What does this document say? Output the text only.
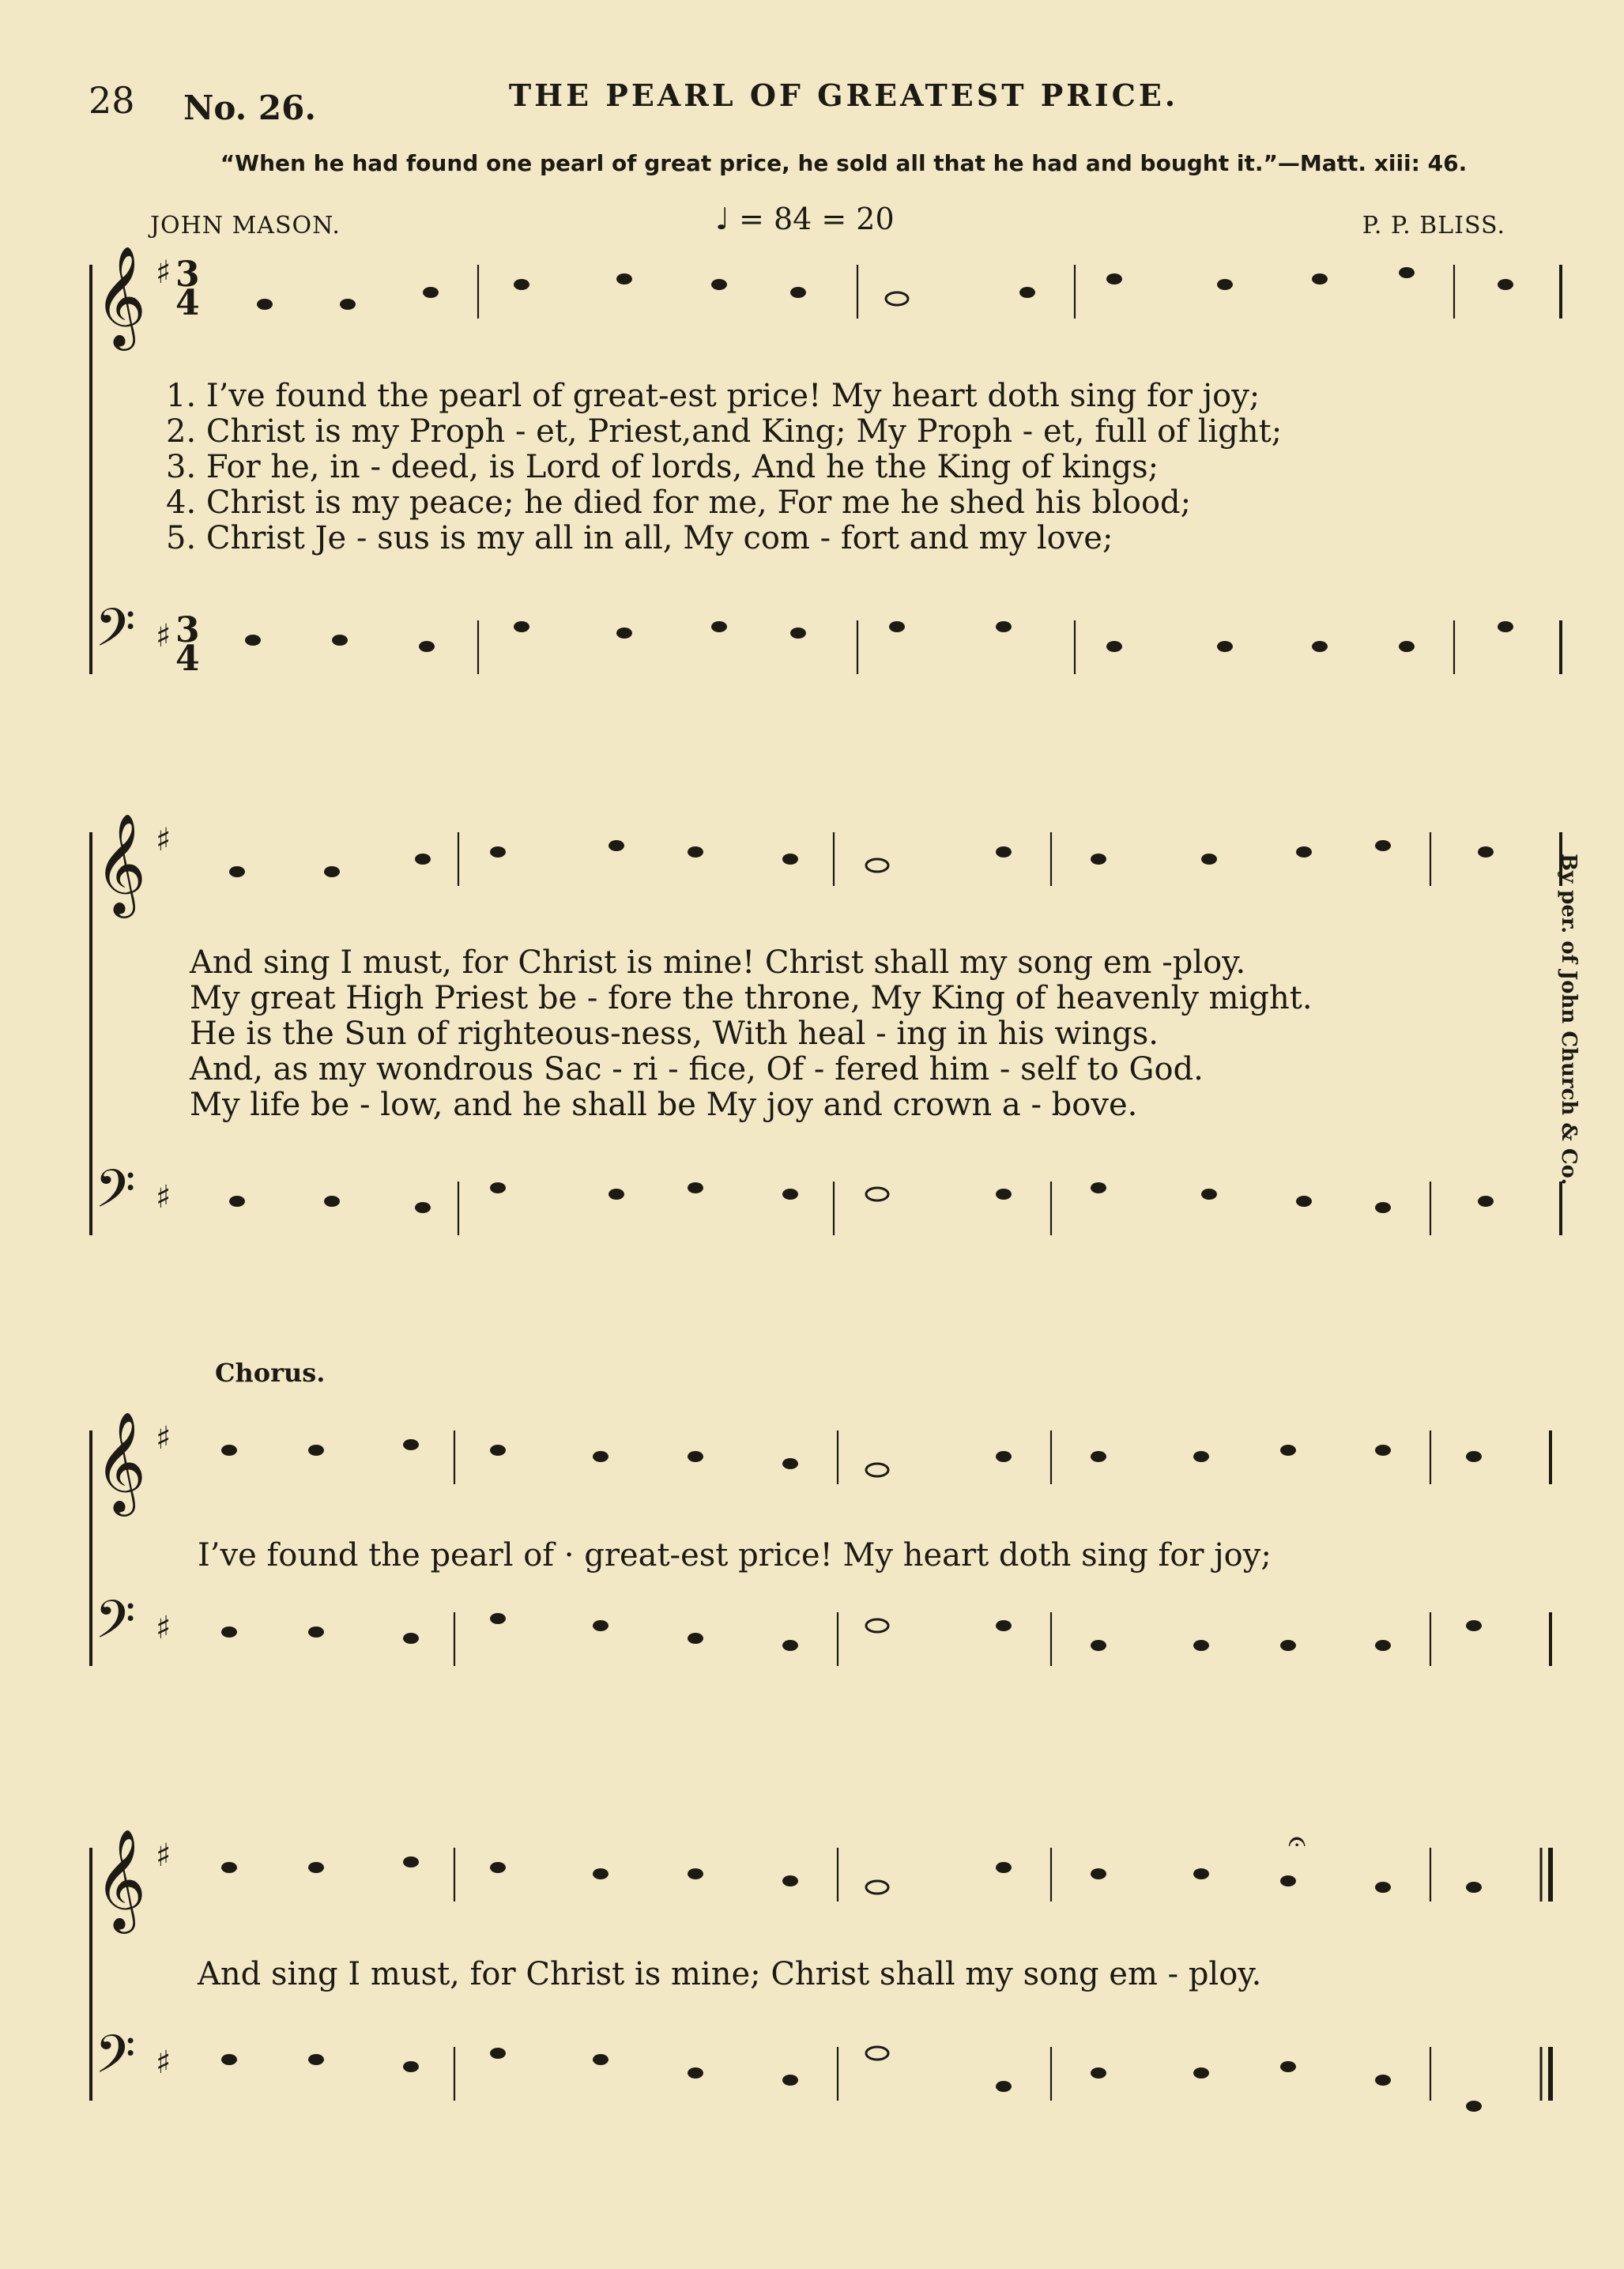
28 No. 26.	THE PEARL OF GREATEST PRICE.
“When he had found one pearl of great price, he sold all that he had and bought it.”—Matt. xiii: 46.
JOHN MASON.	P. P. BLISS.
♩ = 84 = 20
By per. of John Church & Co.
Chorus.
𝄞
𝄢
𝄞
𝄢
𝄞
𝄢
𝄞
𝄢
♯
♯
♯
♯
♯
♯
♯
♯
𝄐
3
4
3
4
1. I’ve found the pearl of great-est price! My heart doth sing for joy;
2. Christ is my Proph - et, Priest,and King; My Proph - et, full of light;
3. For he, in - deed, is Lord of lords, And he the King of kings;
4. Christ is my peace; he died for me, For me he shed his blood;
5. Christ Je - sus is my all in all, My com - fort and my love;
And sing I must, for Christ is mine! Christ shall my song em -ploy.
My great High Priest be - fore the throne, My King of heavenly might.
He is the Sun of righteous-ness, With heal - ing in his wings.
And, as my wondrous Sac - ri - fice, Of - fered him - self to God.
My life be - low, and he shall be My joy and crown a - bove.
I’ve found the pearl of · great-est price! My heart doth sing for joy;
And sing I must, for Christ is mine; Christ shall my song em - ploy.
